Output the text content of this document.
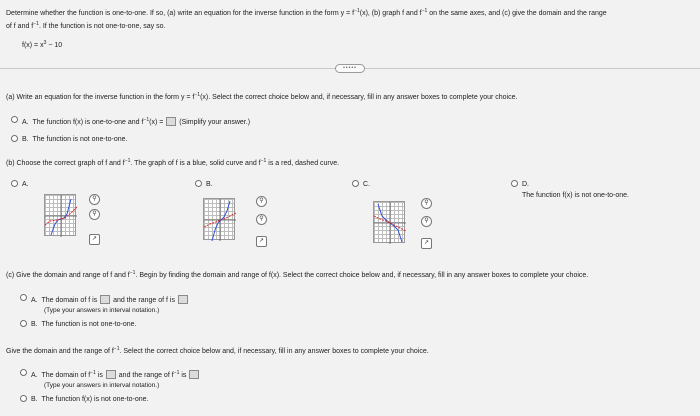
Determine whether the function is one-to-one. If so, (a) write an equation for the inverse function in the form $y = f^{-1}(x)$, (b) graph f and $f^{-1}$ on the same axes, and (c) give the domain and the range
of f and $f^{-1}$. If the function is not one-to-one, say so.
$f(x) = x^3 - 10$
•••••
(a) Write an equation for the inverse function in the form $y = f^{-1}(x)$. Select the correct choice below and, if necessary, fill in any answer boxes to complete your choice.
A. The function f(x) is one-to-one and $f^{-1}(x)$ = (Simplify your answer.)
B. The function is not one-to-one.
(b) Choose the correct graph of f and $f^{-1}$. The graph of f is a blue, solid curve and $f^{-1}$ is a red, dashed curve.
A.
⚲
⚲
↗
B.
⚲
⚲
↗
C.
⚲
⚲
↗
D.
The function f(x) is not one-to-one.
(c) Give the domain and range of f and $f^{-1}$. Begin by finding the domain and range of f(x). Select the correct choice below and, if necessary, fill in any answer boxes to complete your choice.
A. The domain of f is and the range of f is
(Type your answers in interval notation.)
B. The function is not one-to-one.
Give the domain and the range of $f^{-1}$. Select the correct choice below and, if necessary, fill in any answer boxes to complete your choice.
A. The domain of $f^{-1}$ is and the range of $f^{-1}$ is
(Type your answers in interval notation.)
B. The function f(x) is not one-to-one.
